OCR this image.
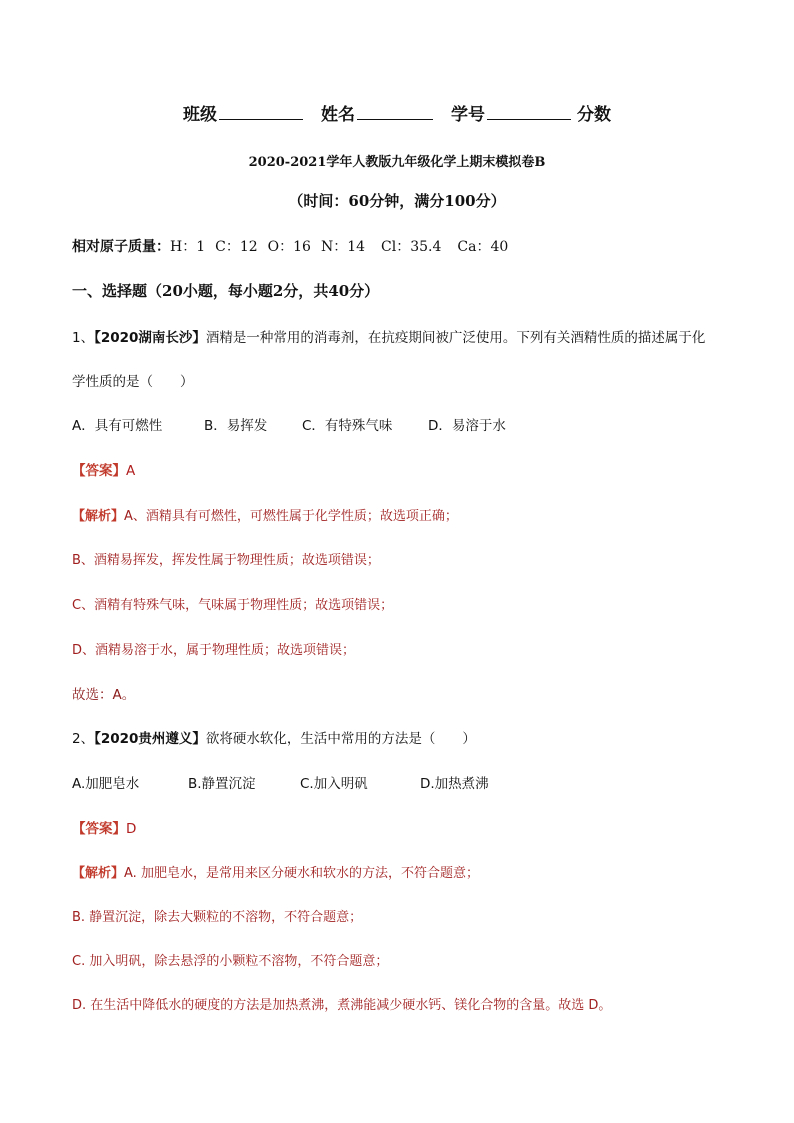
班级	姓名	学号	分数
2020-2021学年人教版九年级化学上期末模拟卷B
（时间：60分钟，满分100分）
相对原子质量：H：1 C：12 O：16 N：14 Cl：35.4 Ca：40
一、选择题（20小题，每小题2分，共40分）
1、【2020湖南长沙】酒精是一种常用的消毒剂，在抗疫期间被广泛使用。下列有关酒精性质的描述属于化
学性质的是（　　）
A．具有可燃性	B．易挥发	C．有特殊气味	D．易溶于水
【答案】A
【解析】A、酒精具有可燃性，可燃性属于化学性质；故选项正确；
B、酒精易挥发，挥发性属于物理性质；故选项错误；
C、酒精有特殊气味，气味属于物理性质；故选项错误；
D、酒精易溶于水，属于物理性质；故选项错误；
故选：A。
2、【2020贵州遵义】欲将硬水软化，生活中常用的方法是（　　）
A.加肥皂水	B.静置沉淀	C.加入明矾	D.加热煮沸
【答案】D
【解析】A. 加肥皂水，是常用来区分硬水和软水的方法，不符合题意；
B. 静置沉淀，除去大颗粒的不溶物，不符合题意；
C. 加入明矾，除去悬浮的小颗粒不溶物，不符合题意；
D. 在生活中降低水的硬度的方法是加热煮沸，煮沸能减少硬水钙、镁化合物的含量。故选 D。
